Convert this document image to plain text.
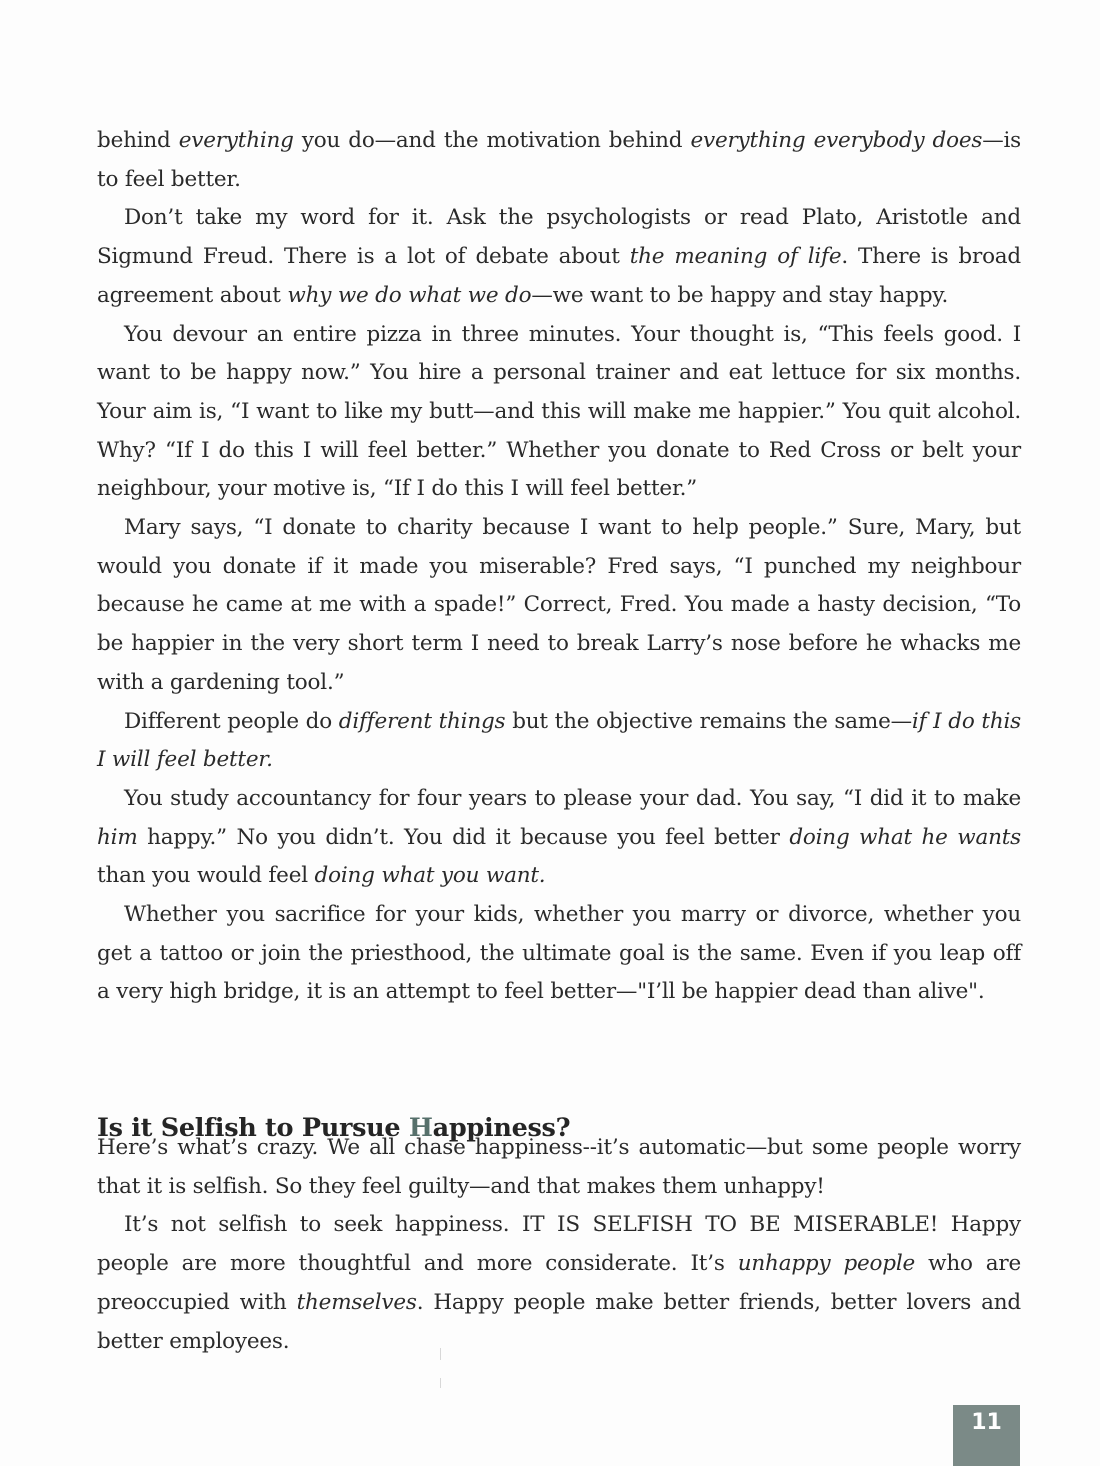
behind everything you do—and the motivation behind everything everybody does—is to feel better.

Don’t take my word for it. Ask the psychologists or read Plato, Aristotle and Sigmund Freud. There is a lot of debate about the meaning of life. There is broad agreement about why we do what we do—we want to be happy and stay happy.

You devour an entire pizza in three minutes. Your thought is, “This feels good. I want to be happy now.” You hire a personal trainer and eat lettuce for six months. Your aim is, “I want to like my butt—and this will make me happier.” You quit alcohol. Why? “If I do this I will feel better.” Whether you donate to Red Cross or belt your neighbour, your motive is, “If I do this I will feel better.”

Mary says, “I donate to charity because I want to help people.” Sure, Mary, but would you donate if it made you miserable? Fred says, “I punched my neighbour because he came at me with a spade!” Correct, Fred. You made a hasty decision, “To be happier in the very short term I need to break Larry’s nose before he whacks me with a gardening tool.”

Different people do different things but the objective remains the same—if I do this I will feel better.

You study accountancy for four years to please your dad. You say, “I did it to make him happy.” No you didn’t. You did it because you feel better doing what he wants than you would feel doing what you want.

Whether you sacrifice for your kids, whether you marry or divorce, whether you get a tattoo or join the priesthood, the ultimate goal is the same. Even if you leap off a very high bridge, it is an attempt to feel better—"I’ll be happier dead than alive".

Is it Selfish to Pursue Happiness?

Here’s what’s crazy. We all chase happiness--it’s automatic—but some people worry that it is selfish. So they feel guilty—and that makes them unhappy!

It’s not selfish to seek happiness. IT IS SELFISH TO BE MISERABLE! Happy people are more thoughtful and more considerate. It’s unhappy people who are preoccupied with themselves. Happy people make better friends, better lovers and better employees.

11
